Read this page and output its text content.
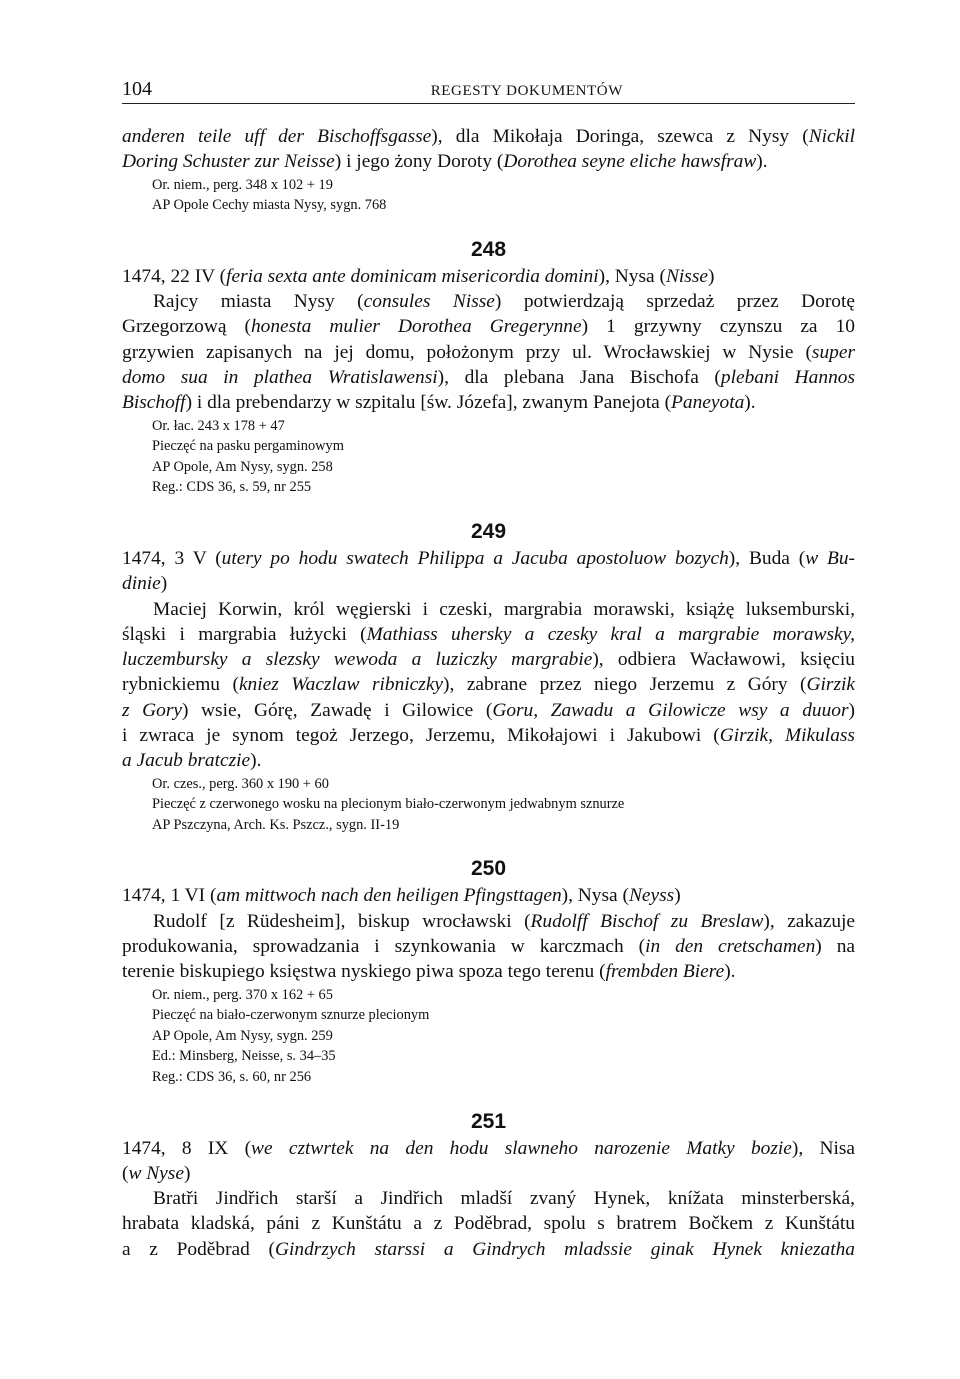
104	REGESTY DOKUMENTÓW
anderen teile uff der Bischoffsgasse), dla Mikołaja Doringa, szewca z Nysy (Nickil
Doring Schuster zur Neisse) i jego żony Doroty (Dorothea seyne eliche hawsfraw).
Or. niem., perg. 348 x 102 + 19
AP Opole Cechy miasta Nysy, sygn. 768
248
1474, 22 IV (feria sexta ante dominicam misericordia domini), Nysa (Nisse)
Rajcy miasta Nysy (consules Nisse) potwierdzają sprzedaż przez Dorotę
Grzegorzową (honesta mulier Dorothea Gregerynne) 1 grzywny czynszu za 10
grzywien zapisanych na jej domu, położonym przy ul. Wrocławskiej w Nysie (super
domo sua in plathea Wratislawensi), dla plebana Jana Bischofa (plebani Hannos
Bischoff) i dla prebendarzy w szpitalu [św. Józefa], zwanym Panejota (Paneyota).
Or. łac. 243 x 178 + 47
Pieczęć na pasku pergaminowym
AP Opole, Am Nysy, sygn. 258
Reg.: CDS 36, s. 59, nr 255
249
1474, 3 V (utery po hodu swatech Philippa a Jacuba apostoluow bozych), Buda (w Bu-
dinie)
Maciej Korwin, król węgierski i czeski, margrabia morawski, książę luksemburski,
śląski i margrabia łużycki (Mathiass uhersky a czesky kral a margrabie morawsky,
luczembursky a slezsky wewoda a luziczky margrabie), odbiera Wacławowi, księciu
rybnickiemu (kniez Waczlaw ribniczky), zabrane przez niego Jerzemu z Góry (Girzik
z Gory) wsie, Górę, Zawadę i Gilowice (Goru, Zawadu a Gilowicze wsy a duuor)
i zwraca je synom tegoż Jerzego, Jerzemu, Mikołajowi i Jakubowi (Girzik, Mikulass
a Jacub bratczie).
Or. czes., perg. 360 x 190 + 60
Pieczęć z czerwonego wosku na plecionym biało-czerwonym jedwabnym sznurze
AP Pszczyna, Arch. Ks. Pszcz., sygn. II-19
250
1474, 1 VI (am mittwoch nach den heiligen Pfingsttagen), Nysa (Neyss)
Rudolf [z Rüdesheim], biskup wrocławski (Rudolff Bischof zu Breslaw), zakazuje
produkowania, sprowadzania i szynkowania w karczmach (in den cretschamen) na
terenie biskupiego księstwa nyskiego piwa spoza tego terenu (frembden Biere).
Or. niem., perg. 370 x 162 + 65
Pieczęć na biało-czerwonym sznurze plecionym
AP Opole, Am Nysy, sygn. 259
Ed.: Minsberg, Neisse, s. 34–35
Reg.: CDS 36, s. 60, nr 256
251
1474, 8 IX (we cztwrtek na den hodu slawneho narozenie Matky bozie), Nisa
(w Nyse)
Bratři Jindřich starší a Jindřich mladší zvaný Hynek, knížata minsterberská,
hrabata kladská, páni z Kunštátu a z Poděbrad, spolu s bratrem Bočkem z Kunštátu
a z Poděbrad (Gindrzych starssi a Gindrych mladssie ginak Hynek kniezatha
